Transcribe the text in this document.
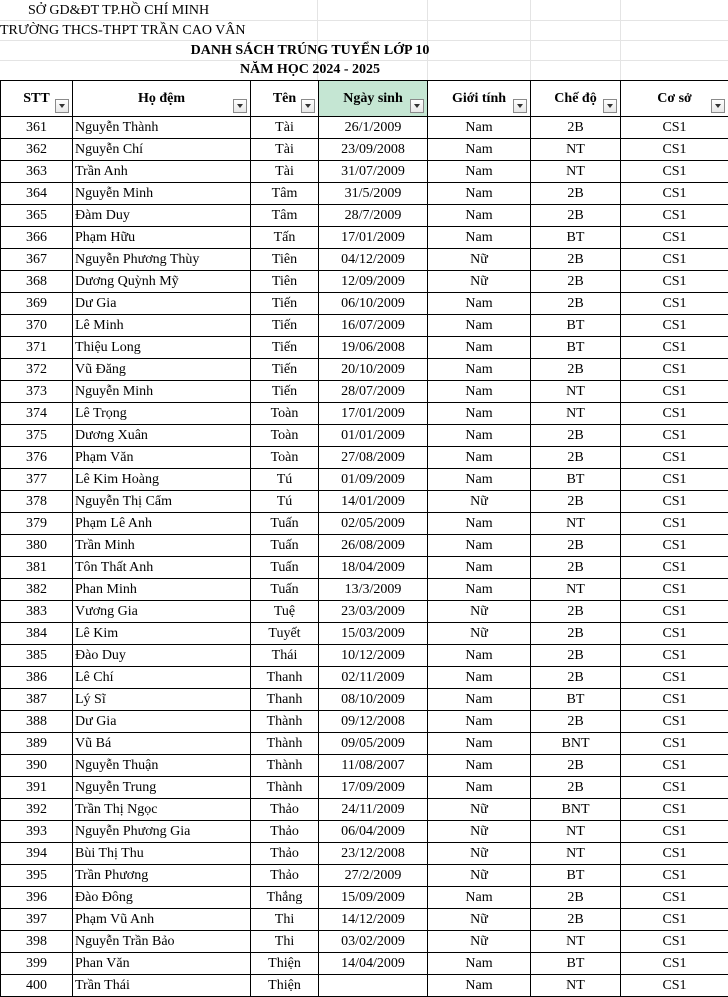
SỞ GD&ĐT TP.HỒ CHÍ MINH
TRƯỜNG THCS-THPT TRẦN CAO VÂN
DANH SÁCH TRÚNG TUYỂN LỚP 10
NĂM HỌC 2024 - 2025
STT	Họ đệm	Tên	Ngày sinh	Giới tính	Chế độ	Cơ sở

361	Nguyễn Thành	Tài	26/1/2009	Nam	2B	CS1
362	Nguyễn Chí	Tài	23/09/2008	Nam	NT	CS1
363	Trần Anh	Tài	31/07/2009	Nam	NT	CS1
364	Nguyễn Minh	Tâm	31/5/2009	Nam	2B	CS1
365	Đàm Duy	Tâm	28/7/2009	Nam	2B	CS1
366	Phạm Hữu	Tấn	17/01/2009	Nam	BT	CS1
367	Nguyễn Phương Thùy	Tiên	04/12/2009	Nữ	2B	CS1
368	Dương Quỳnh Mỹ	Tiên	12/09/2009	Nữ	2B	CS1
369	Dư Gia	Tiến	06/10/2009	Nam	2B	CS1
370	Lê Minh	Tiến	16/07/2009	Nam	BT	CS1
371	Thiệu Long	Tiến	19/06/2008	Nam	BT	CS1
372	Vũ Đăng	Tiến	20/10/2009	Nam	2B	CS1
373	Nguyễn Minh	Tiến	28/07/2009	Nam	NT	CS1
374	Lê Trọng	Toàn	17/01/2009	Nam	NT	CS1
375	Dương Xuân	Toàn	01/01/2009	Nam	2B	CS1
376	Phạm Văn	Toàn	27/08/2009	Nam	2B	CS1
377	Lê Kim Hoàng	Tú	01/09/2009	Nam	BT	CS1
378	Nguyễn Thị Cẩm	Tú	14/01/2009	Nữ	2B	CS1
379	Phạm Lê Anh	Tuấn	02/05/2009	Nam	NT	CS1
380	Trần Minh	Tuấn	26/08/2009	Nam	2B	CS1
381	Tôn Thất Anh	Tuấn	18/04/2009	Nam	2B	CS1
382	Phan Minh	Tuấn	13/3/2009	Nam	NT	CS1
383	Vương Gia	Tuệ	23/03/2009	Nữ	2B	CS1
384	Lê Kim	Tuyết	15/03/2009	Nữ	2B	CS1
385	Đào Duy	Thái	10/12/2009	Nam	2B	CS1
386	Lê Chí	Thanh	02/11/2009	Nam	2B	CS1
387	Lý Sĩ	Thanh	08/10/2009	Nam	BT	CS1
388	Dư Gia	Thành	09/12/2008	Nam	2B	CS1
389	Vũ Bá	Thành	09/05/2009	Nam	BNT	CS1
390	Nguyễn Thuận	Thành	11/08/2007	Nam	2B	CS1
391	Nguyễn Trung	Thành	17/09/2009	Nam	2B	CS1
392	Trần Thị Ngọc	Thảo	24/11/2009	Nữ	BNT	CS1
393	Nguyễn Phương Gia	Thảo	06/04/2009	Nữ	NT	CS1
394	Bùi Thị Thu	Thảo	23/12/2008	Nữ	NT	CS1
395	Trần Phương	Thảo	27/2/2009	Nữ	BT	CS1
396	Đào Đông	Thắng	15/09/2009	Nam	2B	CS1
397	Phạm Vũ Anh	Thi	14/12/2009	Nữ	2B	CS1
398	Nguyễn Trần Bảo	Thi	03/02/2009	Nữ	NT	CS1
399	Phan Văn	Thiện	14/04/2009	Nam	BT	CS1
400	Trần Thái	Thiện		Nam	NT	CS1
